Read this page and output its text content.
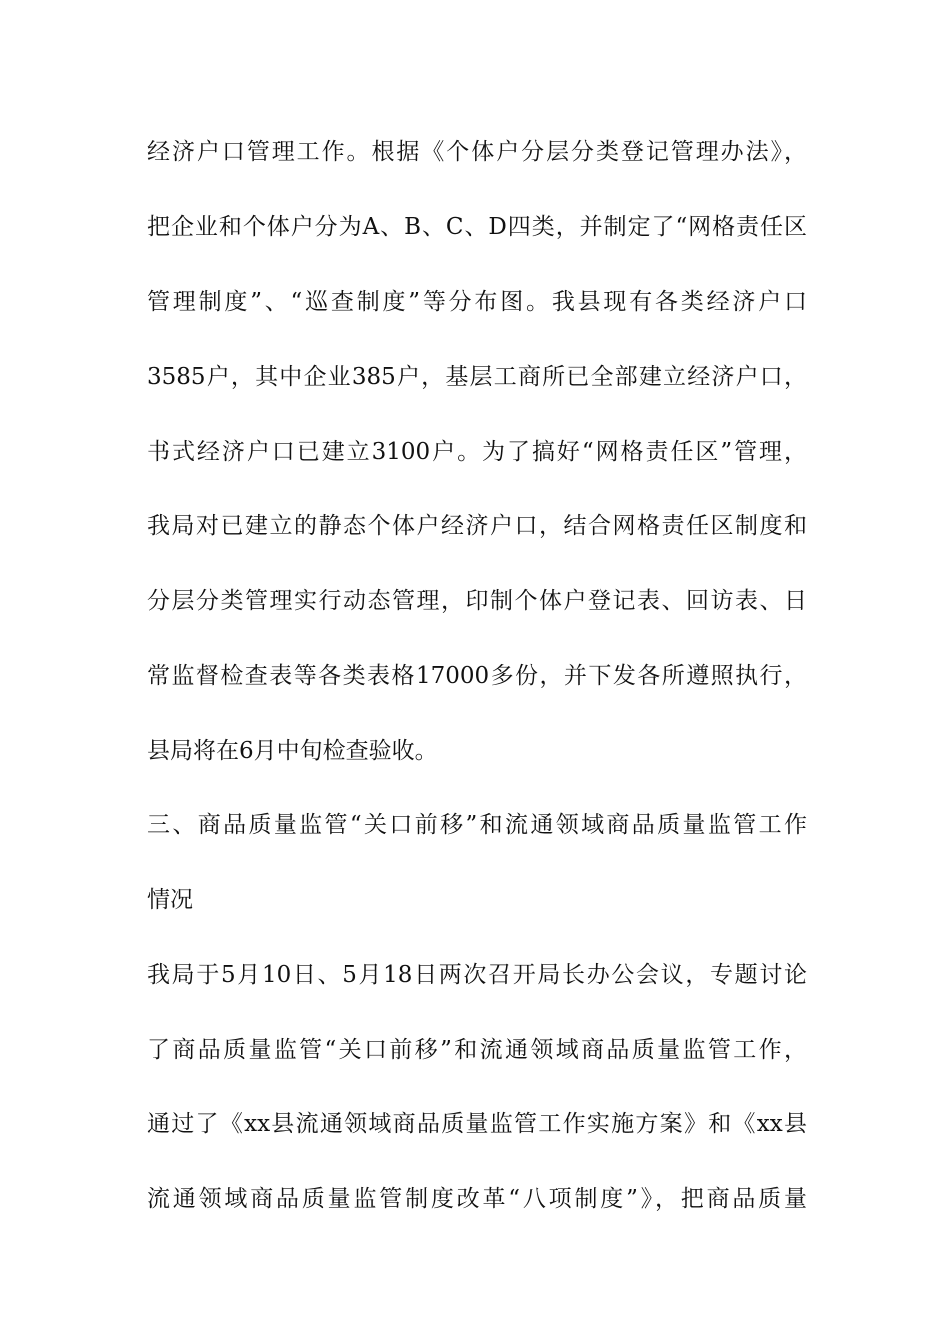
经济户口管理工作。根据《个体户分层分类登记管理办法》，
把企业和个体户分为A、B、C、D四类，并制定了“网格责任区
管理制度”、“巡查制度”等分布图。我县现有各类经济户口
3585户，其中企业385户，基层工商所已全部建立经济户口，
书式经济户口已建立3100户。为了搞好“网格责任区”管理，
我局对已建立的静态个体户经济户口，结合网格责任区制度和
分层分类管理实行动态管理，印制个体户登记表、回访表、日
常监督检查表等各类表格17000多份，并下发各所遵照执行，
县局将在6月中旬检查验收。
三、商品质量监管“关口前移”和流通领域商品质量监管工作
情况
我局于5月10日、5月18日两次召开局长办公会议，专题讨论
了商品质量监管“关口前移”和流通领域商品质量监管工作，
通过了《xx县流通领域商品质量监管工作实施方案》和《xx县
流通领域商品质量监管制度改革“八项制度”》，把商品质量
